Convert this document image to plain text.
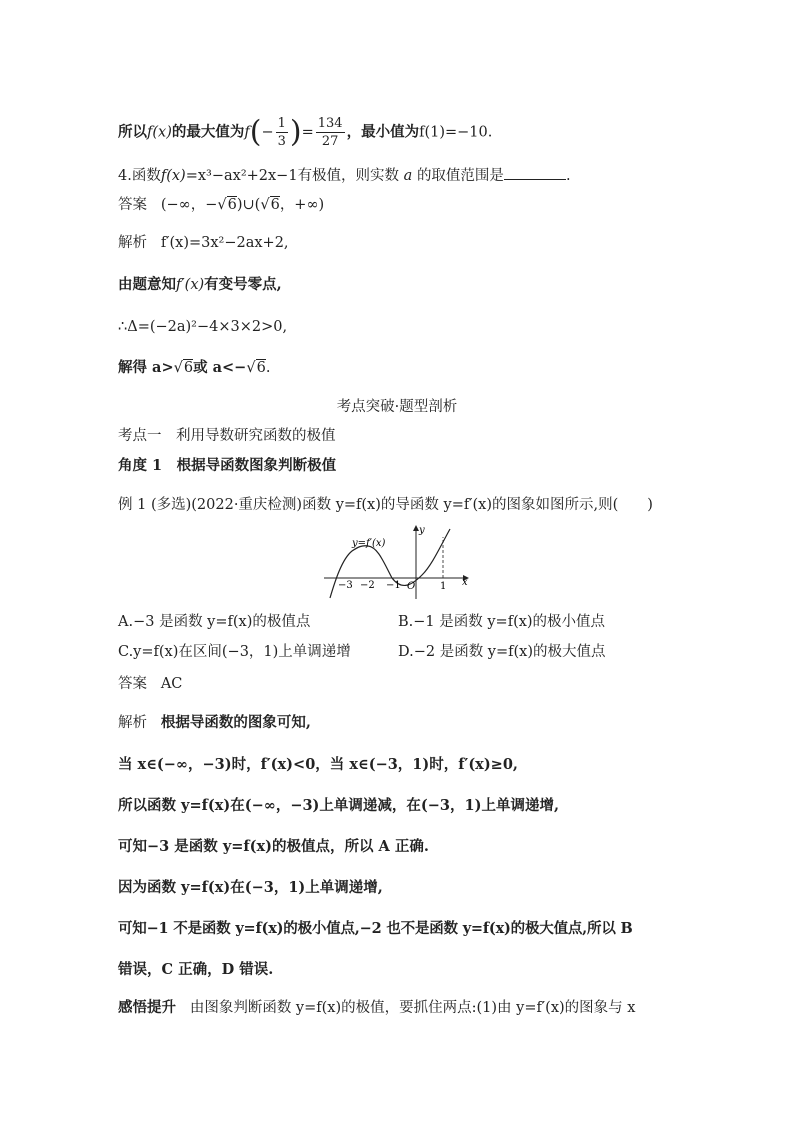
所以f(x)的最大值为$f(- \frac{1}{3}$ )= $\frac{134}{27}$ ，最小值为f(1)=−10.
4.函数f(x)=x³−ax²+2x−1有极值，则实数 a 的取值范围是	.
答案 (−∞，−√6)∪(√6，+∞)
解析 f′(x)=3x²−2ax+2,
由题意知f′(x)有变号零点,
∴Δ=(−2a)²−4×3×2>0,
解得 a>√6或 a<−√6.
考点突破·题型剖析
考点一　利用导数研究函数的极值
角度 1　根据导函数图象判断极值
例 1 (多选)(2022·重庆检测)函数 y=f(x)的导函数 y=f′(x)的图象如图所示,则(　　)
y=f′(x)
y
x
O
−3 −2 −1	1
A.−3 是函数 y=f(x)的极值点	B.−1 是函数 y=f(x)的极小值点
C.y=f(x)在区间(−3，1)上单调递增	D.−2 是函数 y=f(x)的极大值点
答案 AC
解析 根据导函数的图象可知,
当 x∈(−∞，−3)时，f′(x)<0，当 x∈(−3，1)时，f′(x)≥0,
所以函数 y=f(x)在(−∞，−3)上单调递减，在(−3，1)上单调递增,
可知−3 是函数 y=f(x)的极值点，所以 A 正确.
因为函数 y=f(x)在(−3，1)上单调递增,
可知−1 不是函数 y=f(x)的极小值点,−2 也不是函数 y=f(x)的极大值点,所以 B
错误，C 正确，D 错误.
感悟提升 由图象判断函数 y=f(x)的极值，要抓住两点:(1)由 y=f′(x)的图象与 x
